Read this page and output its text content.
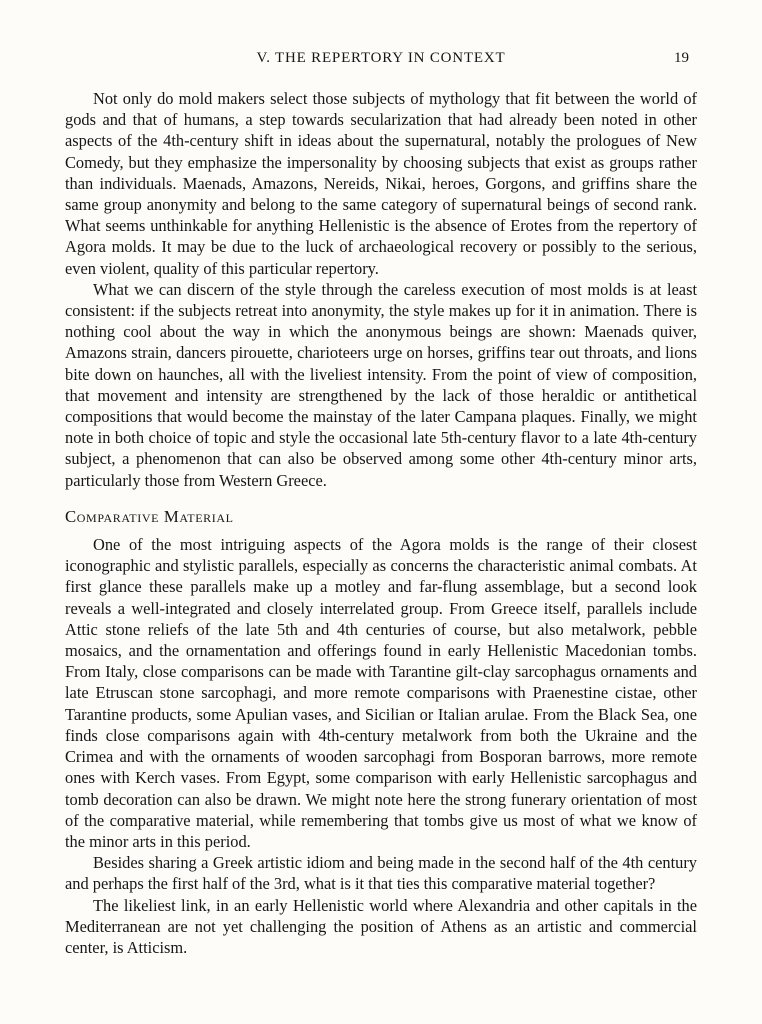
V. THE REPERTORY IN CONTEXT	19

Not only do mold makers select those subjects of mythology that fit between the world of gods and that of humans, a step towards secularization that had already been noted in other aspects of the 4th-century shift in ideas about the supernatural, notably the prologues of New Comedy, but they emphasize the impersonality by choosing subjects that exist as groups rather than individuals. Maenads, Amazons, Nereids, Nikai, heroes, Gorgons, and griffins share the same group anonymity and belong to the same category of supernatural beings of second rank. What seems unthinkable for anything Hellenistic is the absence of Erotes from the repertory of Agora molds. It may be due to the luck of archaeological recovery or possibly to the serious, even violent, quality of this particular repertory.

What we can discern of the style through the careless execution of most molds is at least consistent: if the subjects retreat into anonymity, the style makes up for it in animation. There is nothing cool about the way in which the anonymous beings are shown: Maenads quiver, Amazons strain, dancers pirouette, charioteers urge on horses, griffins tear out throats, and lions bite down on haunches, all with the liveliest intensity. From the point of view of composition, that movement and intensity are strengthened by the lack of those heraldic or antithetical compositions that would become the mainstay of the later Campana plaques. Finally, we might note in both choice of topic and style the occasional late 5th-century flavor to a late 4th-century subject, a phenomenon that can also be observed among some other 4th-century minor arts, particularly those from Western Greece.

Comparative Material

One of the most intriguing aspects of the Agora molds is the range of their closest iconographic and stylistic parallels, especially as concerns the characteristic animal combats. At first glance these parallels make up a motley and far-flung assemblage, but a second look reveals a well-integrated and closely interrelated group. From Greece itself, parallels include Attic stone reliefs of the late 5th and 4th centuries of course, but also metalwork, pebble mosaics, and the ornamentation and offerings found in early Hellenistic Macedonian tombs. From Italy, close comparisons can be made with Tarantine gilt-clay sarcophagus ornaments and late Etruscan stone sarcophagi, and more remote comparisons with Praenestine cistae, other Tarantine products, some Apulian vases, and Sicilian or Italian arulae. From the Black Sea, one finds close comparisons again with 4th-century metalwork from both the Ukraine and the Crimea and with the ornaments of wooden sarcophagi from Bosporan barrows, more remote ones with Kerch vases. From Egypt, some comparison with early Hellenistic sarcophagus and tomb decoration can also be drawn. We might note here the strong funerary orientation of most of the comparative material, while remembering that tombs give us most of what we know of the minor arts in this period.

Besides sharing a Greek artistic idiom and being made in the second half of the 4th century and perhaps the first half of the 3rd, what is it that ties this comparative material together?

The likeliest link, in an early Hellenistic world where Alexandria and other capitals in the Mediterranean are not yet challenging the position of Athens as an artistic and commercial center, is Atticism.
